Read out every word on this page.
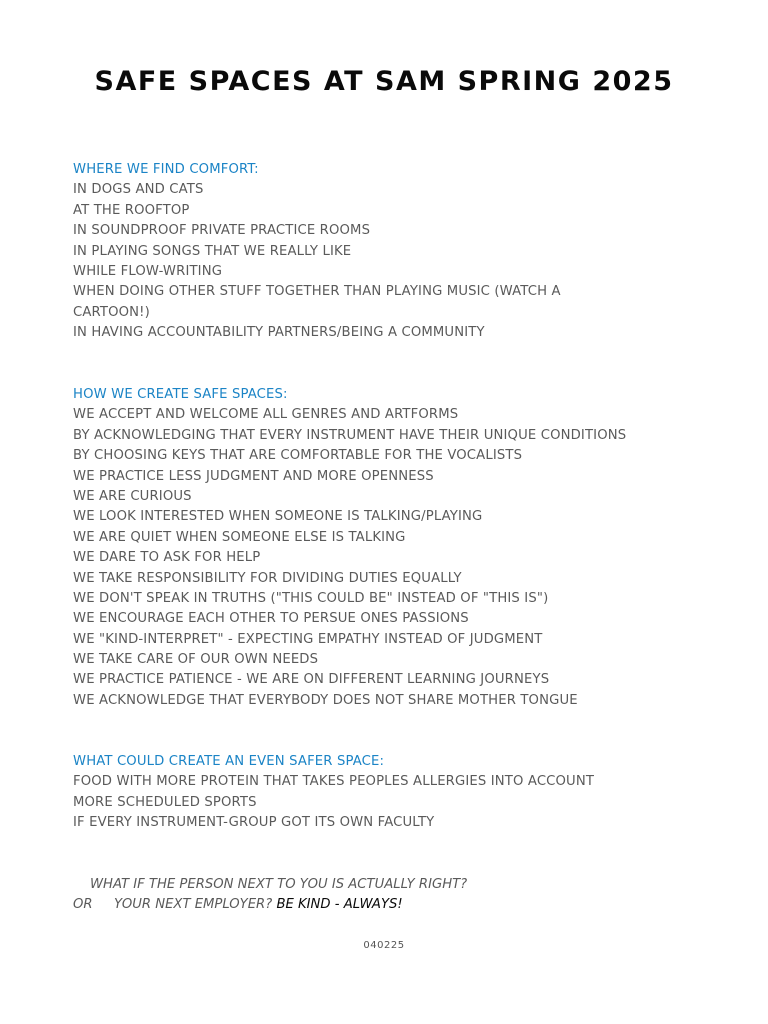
SAFE SPACES AT SAM SPRING 2025
WHERE WE FIND COMFORT:
IN DOGS AND CATS
AT THE ROOFTOP
IN SOUNDPROOF PRIVATE PRACTICE ROOMS
IN PLAYING SONGS THAT WE REALLY LIKE
WHILE FLOW-WRITING
WHEN DOING OTHER STUFF TOGETHER THAN PLAYING MUSIC (WATCH A
CARTOON!)
IN HAVING ACCOUNTABILITY PARTNERS/BEING A COMMUNITY
HOW WE CREATE SAFE SPACES:
WE ACCEPT AND WELCOME ALL GENRES AND ARTFORMS
BY ACKNOWLEDGING THAT EVERY INSTRUMENT HAVE THEIR UNIQUE CONDITIONS
BY CHOOSING KEYS THAT ARE COMFORTABLE FOR THE VOCALISTS
WE PRACTICE LESS JUDGMENT AND MORE OPENNESS
WE ARE CURIOUS
WE LOOK INTERESTED WHEN SOMEONE IS TALKING/PLAYING
WE ARE QUIET WHEN SOMEONE ELSE IS TALKING
WE DARE TO ASK FOR HELP
WE TAKE RESPONSIBILITY FOR DIVIDING DUTIES EQUALLY
WE DON'T SPEAK IN TRUTHS ("THIS COULD BE" INSTEAD OF "THIS IS")
WE ENCOURAGE EACH OTHER TO PERSUE ONES PASSIONS
WE "KIND-INTERPRET" - EXPECTING EMPATHY INSTEAD OF JUDGMENT
WE TAKE CARE OF OUR OWN NEEDS
WE PRACTICE PATIENCE - WE ARE ON DIFFERENT LEARNING JOURNEYS
WE ACKNOWLEDGE THAT EVERYBODY DOES NOT SHARE MOTHER TONGUE
WHAT COULD CREATE AN EVEN SAFER SPACE:
FOOD WITH MORE PROTEIN THAT TAKES PEOPLES ALLERGIES INTO ACCOUNT
MORE SCHEDULED SPORTS
IF EVERY INSTRUMENT-GROUP GOT ITS OWN FACULTY
WHAT IF THE PERSON NEXT TO YOU IS ACTUALLY RIGHT?
OR YOUR NEXT EMPLOYER? BE KIND - ALWAYS!
040225
